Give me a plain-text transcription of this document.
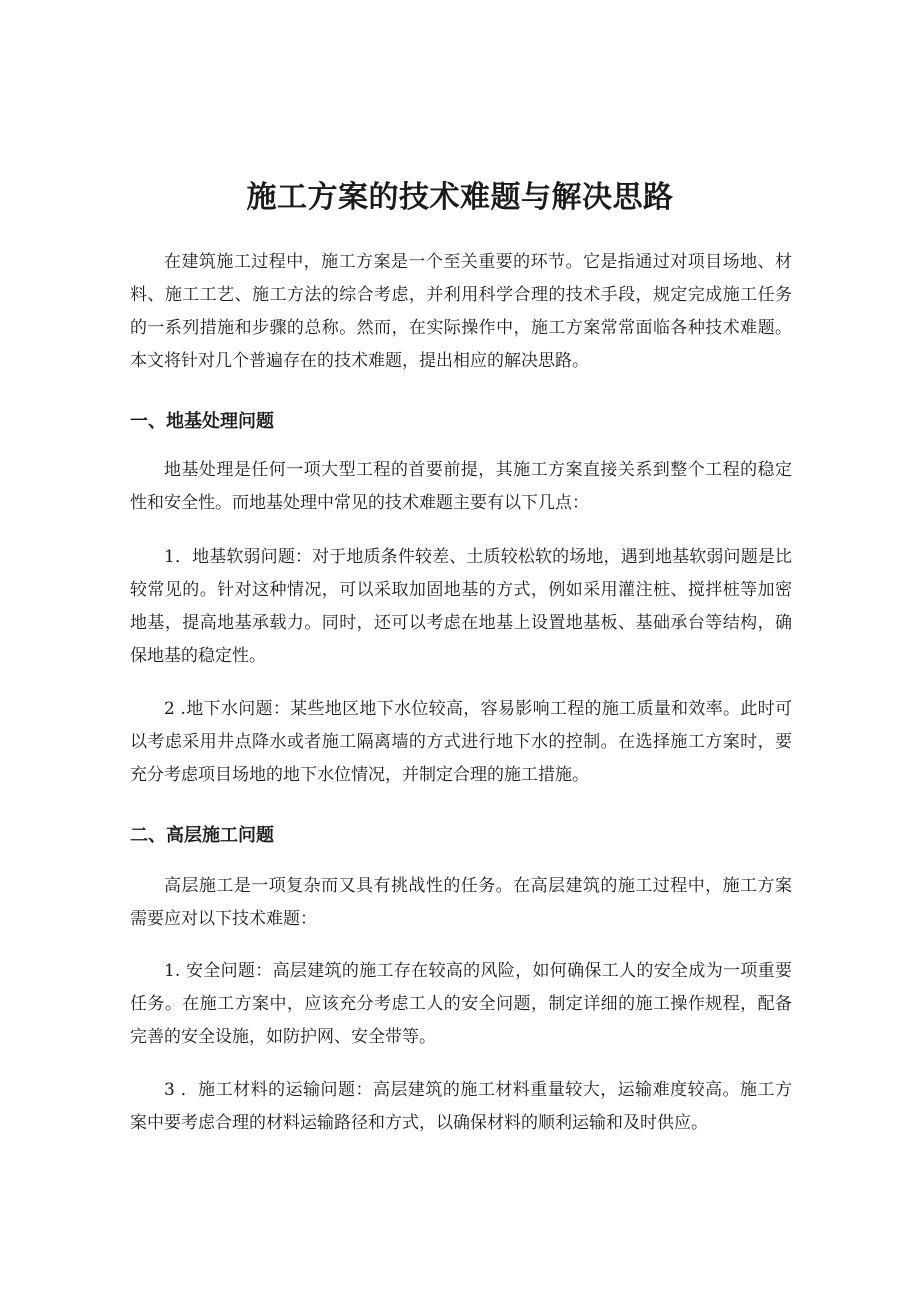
施工方案的技术难题与解决思路

在建筑施工过程中，施工方案是一个至关重要的环节。它是指通过对项目场地、材料、施工工艺、施工方法的综合考虑，并利用科学合理的技术手段，规定完成施工任务的一系列措施和步骤的总称。然而，在实际操作中，施工方案常常面临各种技术难题。本文将针对几个普遍存在的技术难题，提出相应的解决思路。

一、地基处理问题

地基处理是任何一项大型工程的首要前提，其施工方案直接关系到整个工程的稳定性和安全性。而地基处理中常见的技术难题主要有以下几点：

1．地基软弱问题：对于地质条件较差、土质较松软的场地，遇到地基软弱问题是比较常见的。针对这种情况，可以采取加固地基的方式，例如采用灌注桩、搅拌桩等加密地基，提高地基承载力。同时，还可以考虑在地基上设置地基板、基础承台等结构，确保地基的稳定性。

2 .地下水问题：某些地区地下水位较高，容易影响工程的施工质量和效率。此时可以考虑采用井点降水或者施工隔离墙的方式进行地下水的控制。在选择施工方案时，要充分考虑项目场地的地下水位情况，并制定合理的施工措施。

二、高层施工问题

高层施工是一项复杂而又具有挑战性的任务。在高层建筑的施工过程中，施工方案需要应对以下技术难题：

1. 安全问题：高层建筑的施工存在较高的风险，如何确保工人的安全成为一项重要任务。在施工方案中，应该充分考虑工人的安全问题，制定详细的施工操作规程，配备完善的安全设施，如防护网、安全带等。

3 ．施工材料的运输问题：高层建筑的施工材料重量较大，运输难度较高。施工方案中要考虑合理的材料运输路径和方式，以确保材料的顺利运输和及时供应。
